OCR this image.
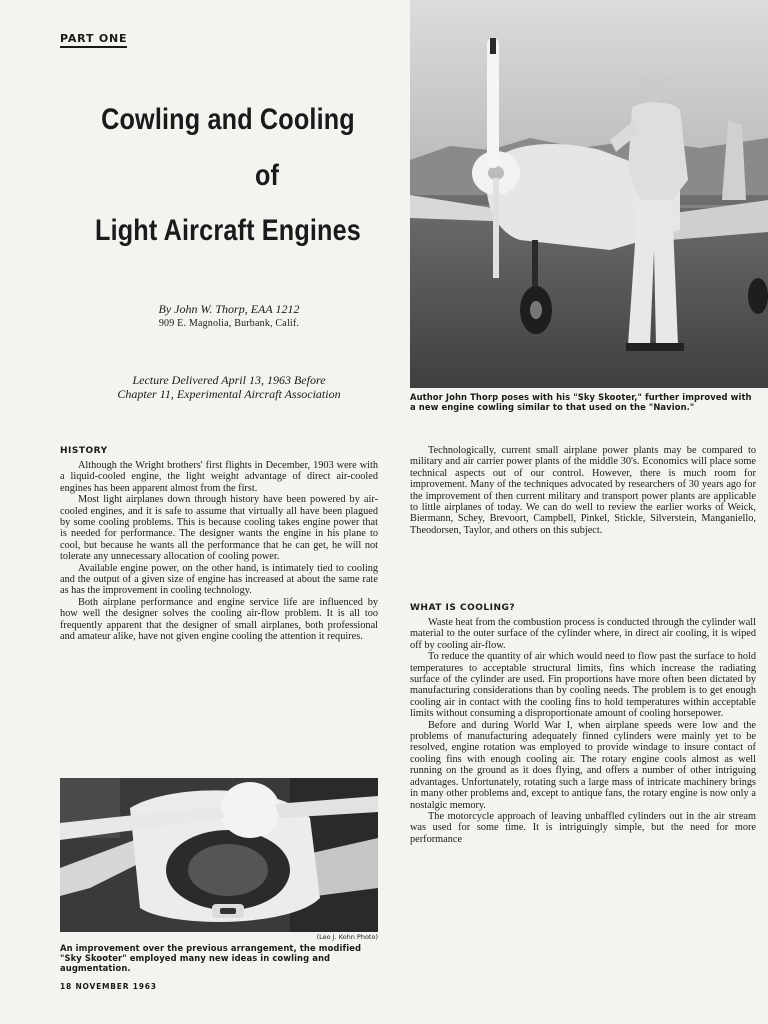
PART ONE
Cowling and Cooling
of
Light Aircraft Engines
By John W. Thorp, EAA 1212
909 E. Magnolia, Burbank, Calif.
Lecture Delivered April 13, 1963 Before
Chapter 11, Experimental Aircraft Association	Author John Thorp poses with his "Sky Skooter," further improved with a new engine cowling similar to that used on the "Navion."
HISTORY

Although the Wright brothers' first flights in December, 1903 were with a liquid-cooled engine, the light weight advantage of direct air-cooled engines has been apparent almost from the first.

Most light airplanes down through history have been powered by air-cooled engines, and it is safe to assume that virtually all have been plagued by some cooling problems. This is because cooling takes engine power that is needed for performance. The designer wants the engine in his plane to cool, but because he wants all the performance that he can get, he will not tolerate any unnecessary allocation of cooling power.

Available engine power, on the other hand, is intimately tied to cooling and the output of a given size of engine has increased at about the same rate as has the improvement in cooling technology.

Both airplane performance and engine service life are influenced by how well the designer solves the cooling air-flow problem. It is all too frequently apparent that the designer of small airplanes, both professional and amateur alike, have not given engine cooling the attention it requires.

(Leo J. Kohn Photo)
An improvement over the previous arrangement, the modified "Sky Skooter" employed many new ideas in cowling and augmentation.
18 NOVEMBER 1963

Technologically, current small airplane power plants may be compared to military and air carrier power plants of the middle 30's. Economics will place some technical aspects out of our control. However, there is much room for improvement. Many of the techniques advocated by researchers of 30 years ago for the improvement of then current military and transport power plants are applicable to little airplanes of today. We can do well to review the earlier works of Weick, Biermann, Schey, Brevoort, Campbell, Pinkel, Stickle, Silverstein, Manganiello, Theodorsen, Taylor, and others on this subject.

WHAT IS COOLING?

Waste heat from the combustion process is conducted through the cylinder wall material to the outer surface of the cylinder where, in direct air cooling, it is wiped off by cooling air-flow.

To reduce the quantity of air which would need to flow past the surface to hold temperatures to acceptable structural limits, fins which increase the radiating surface of the cylinder are used. Fin proportions have more often been dictated by manufacturing considerations than by cooling needs. The problem is to get enough cooling air in contact with the cooling fins to hold temperatures within acceptable limits without consuming a disproportionate amount of cooling horsepower.

Before and during World War I, when airplane speeds were low and the problems of manufacturing adequately finned cylinders were mainly yet to be resolved, engine rotation was employed to provide windage to insure contact of cooling fins with enough cooling air. The rotary engine cools almost as well running on the ground as it does flying, and offers a number of other intriguing advantages. Unfortunately, rotating such a large mass of intricate machinery brings in many other problems and, except to antique fans, the rotary engine is now only a nostalgic memory.

The motorcycle approach of leaving unbaffled cylinders out in the air stream was used for some time. It is intriguingly simple, but the need for more performance
